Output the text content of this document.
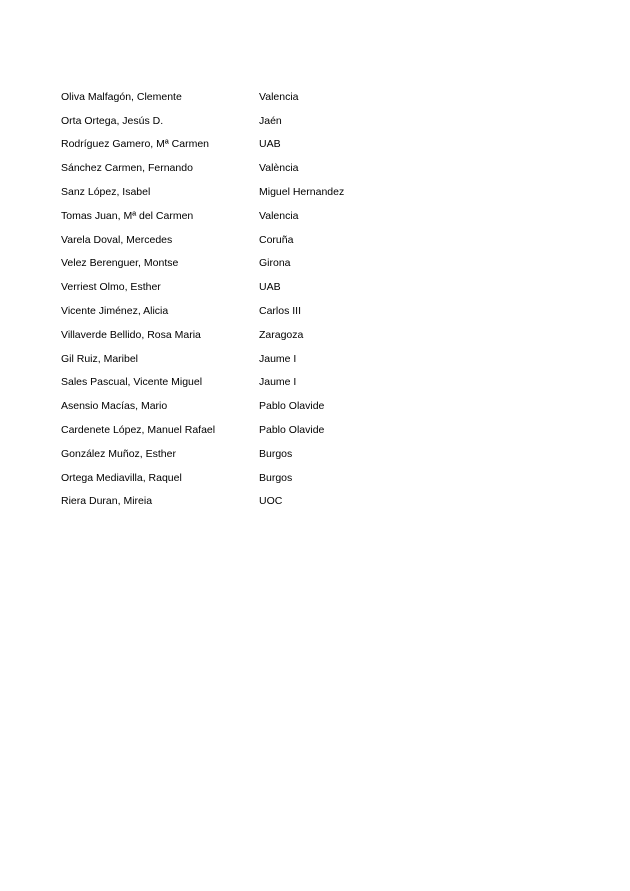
Oliva Malfagón, Clemente	Valencia
Orta Ortega, Jesús D.	Jaén
Rodríguez Gamero, Mª Carmen	UAB
Sánchez Carmen, Fernando	València
Sanz López, Isabel	Miguel Hernandez
Tomas Juan, Mª del Carmen	Valencia
Varela Doval, Mercedes	Coruña
Velez Berenguer, Montse	Girona
Verriest Olmo, Esther	UAB
Vicente Jiménez, Alicia	Carlos III
Villaverde Bellido, Rosa Maria	Zaragoza
Gil Ruiz, Maribel	Jaume I
Sales Pascual, Vicente Miguel	Jaume I
Asensio Macías, Mario	Pablo Olavide
Cardenete López, Manuel Rafael	Pablo Olavide
González Muñoz, Esther	Burgos
Ortega Mediavilla, Raquel	Burgos
Riera Duran, Mireia	UOC
